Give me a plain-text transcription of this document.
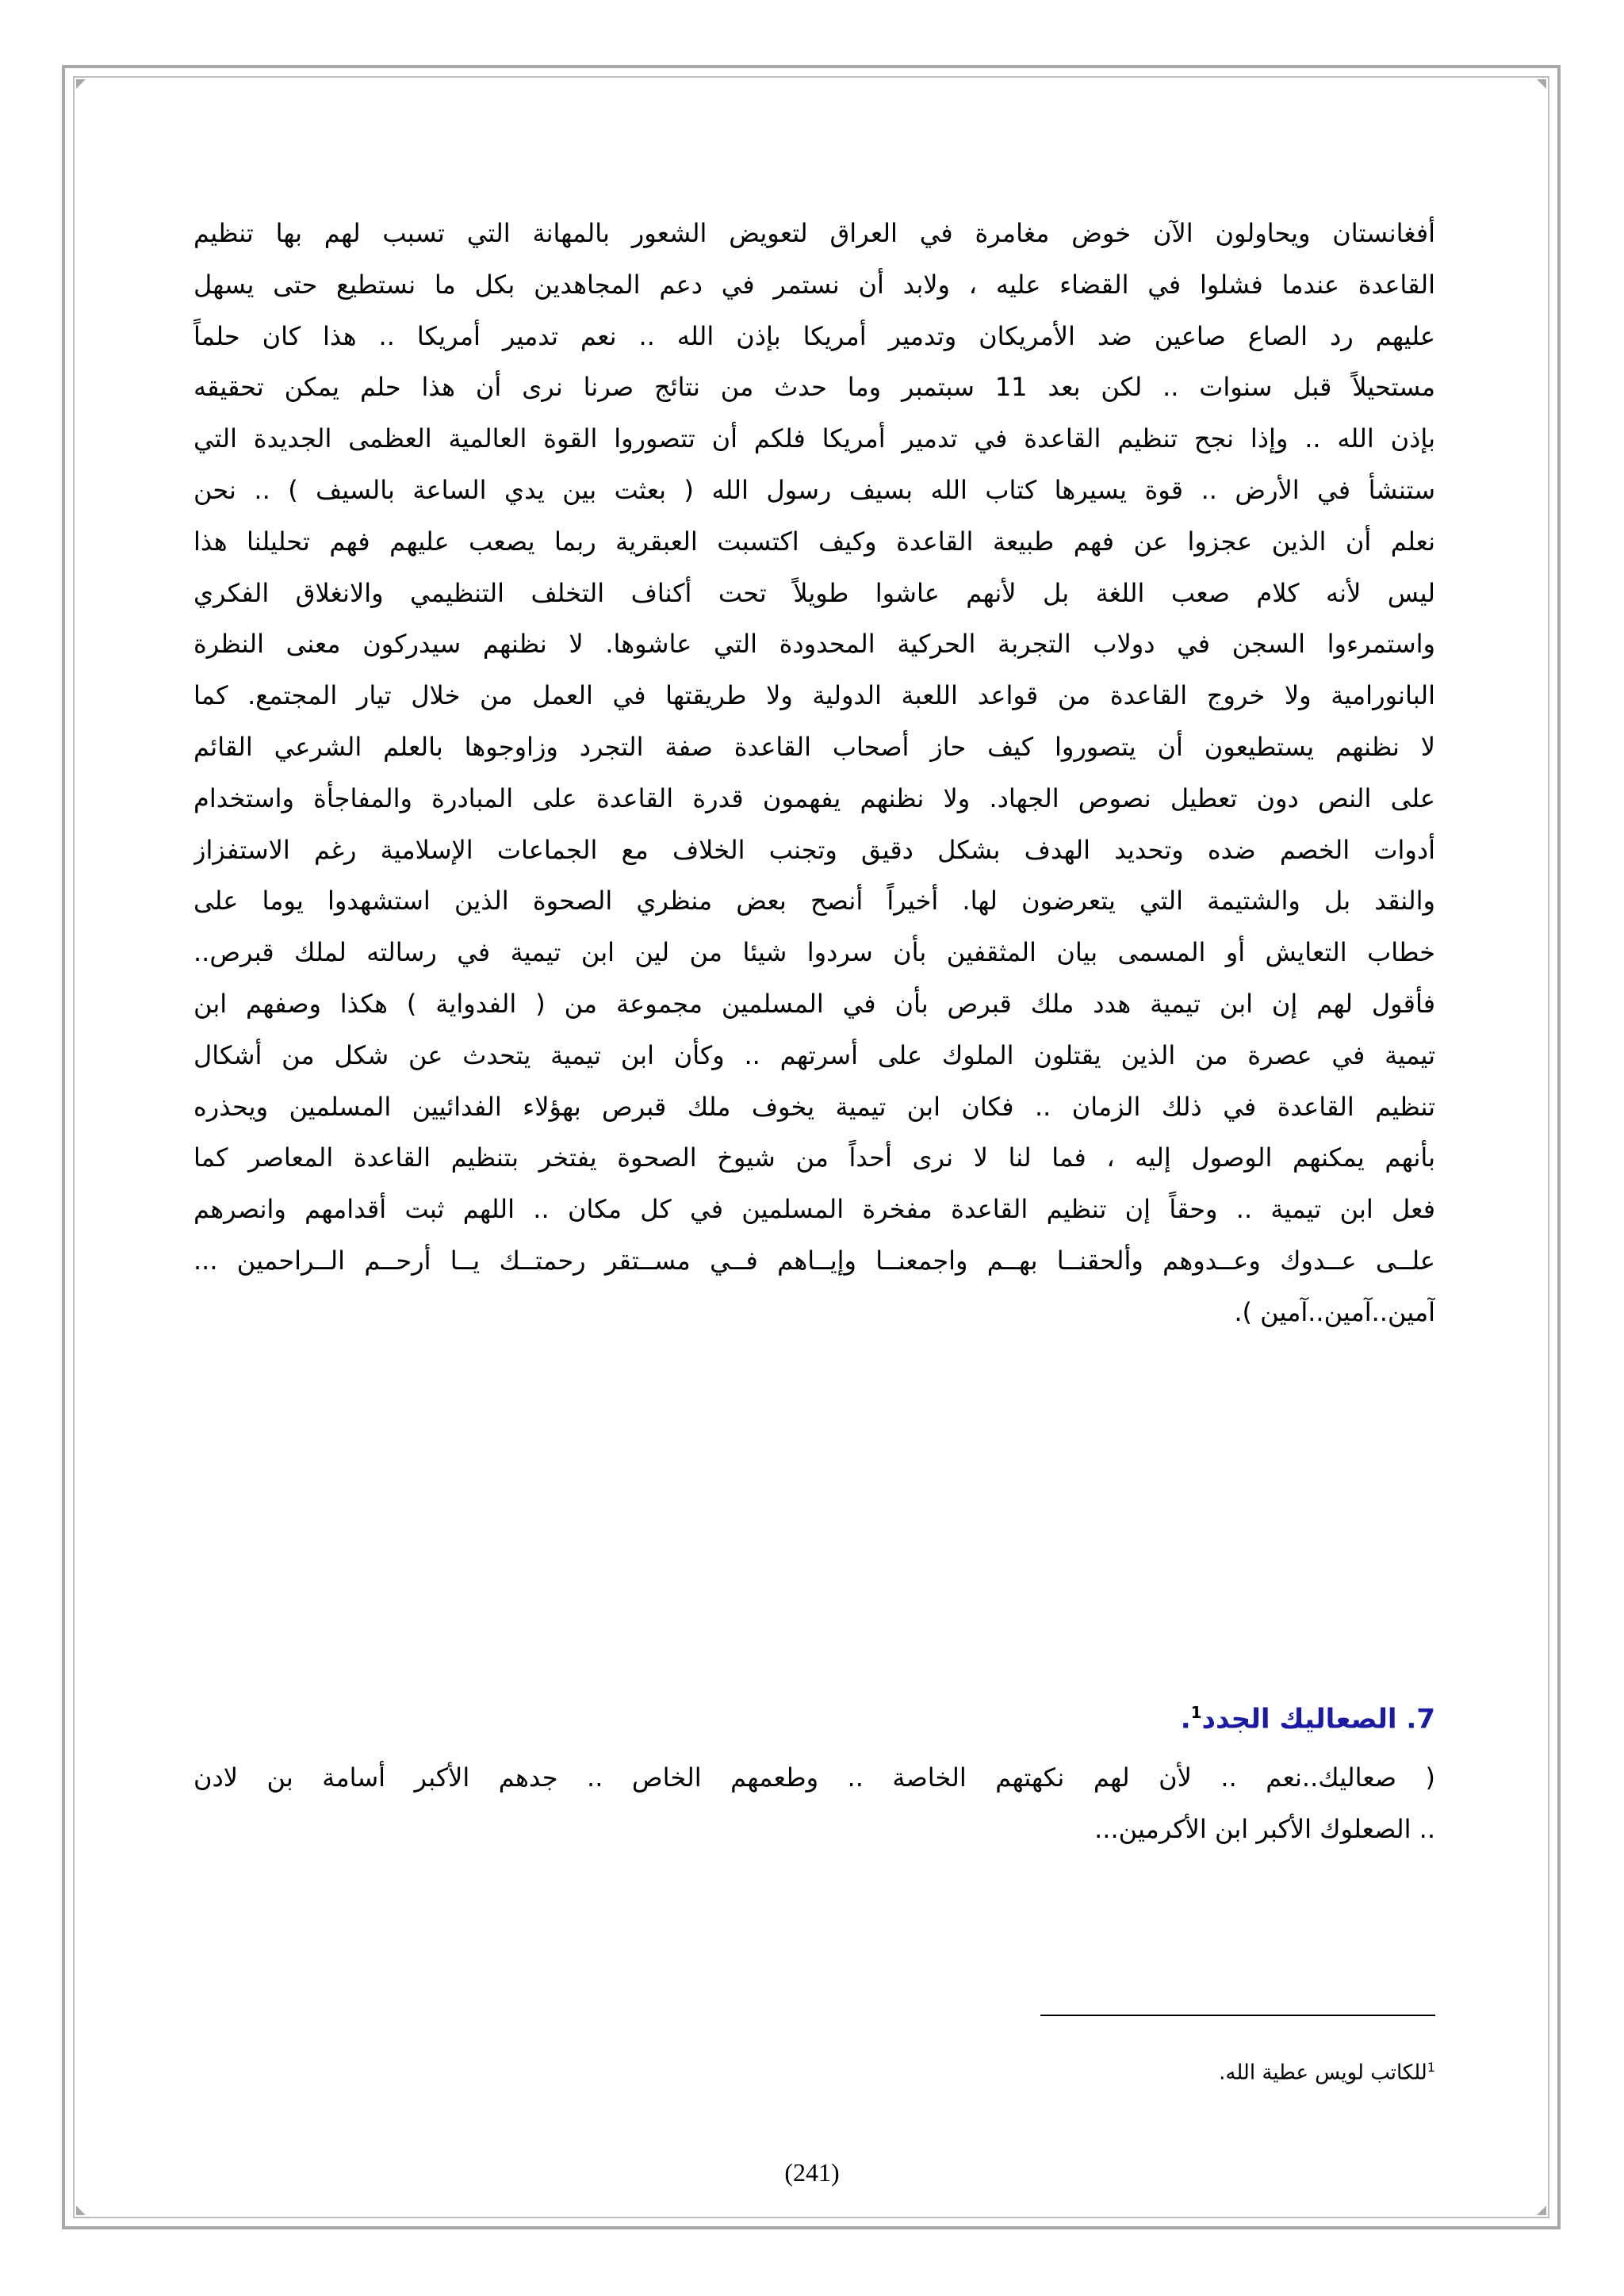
أفغانستان ويحاولون الآن خوض مغامرة في العراق لتعويض الشعور بالمهانة التي تسبب لهم بها تنظيم
القاعدة عندما فشلوا في القضاء عليه ، ولابد أن نستمر في دعم المجاهدين بكل ما نستطيع حتى يسهل
عليهم رد الصاع صاعين ضد الأمريكان وتدمير أمريكا بإذن الله .. نعم تدمير أمريكا .. هذا كان حلماً
مستحيلاً قبل سنوات .. لكن بعد 11 سبتمبر وما حدث من نتائج صرنا نرى أن هذا حلم يمكن تحقيقه
بإذن الله .. وإذا نجح تنظيم القاعدة في تدمير أمريكا فلكم أن تتصوروا القوة العالمية العظمى الجديدة التي
ستنشأ في الأرض .. قوة يسيرها كتاب الله بسيف رسول الله ( بعثت بين يدي الساعة بالسيف ) .. نحن
نعلم أن الذين عجزوا عن فهم طبيعة القاعدة وكيف اكتسبت العبقرية ربما يصعب عليهم فهم تحليلنا هذا
ليس لأنه كلام صعب اللغة بل لأنهم عاشوا طويلاً تحت أكناف التخلف التنظيمي والانغلاق الفكري
واستمرءوا السجن في دولاب التجربة الحركية المحدودة التي عاشوها. لا نظنهم سيدركون معنى النظرة
البانورامية ولا خروج القاعدة من قواعد اللعبة الدولية ولا طريقتها في العمل من خلال تيار المجتمع. كما
لا نظنهم يستطيعون أن يتصوروا كيف حاز أصحاب القاعدة صفة التجرد وزاوجوها بالعلم الشرعي القائم
على النص دون تعطيل نصوص الجهاد. ولا نظنهم يفهمون قدرة القاعدة على المبادرة والمفاجأة واستخدام
أدوات الخصم ضده وتحديد الهدف بشكل دقيق وتجنب الخلاف مع الجماعات الإسلامية رغم الاستفزاز
والنقد بل والشتيمة التي يتعرضون لها. أخيراً أنصح بعض منظري الصحوة الذين استشهدوا يوما على
خطاب التعايش أو المسمى بيان المثقفين بأن سردوا شيئا من لين ابن تيمية في رسالته لملك قبرص..
فأقول لهم إن ابن تيمية هدد ملك قبرص بأن في المسلمين مجموعة من ( الفدواية ) هكذا وصفهم ابن
تيمية في عصرة من الذين يقتلون الملوك على أسرتهم .. وكأن ابن تيمية يتحدث عن شكل من أشكال
تنظيم القاعدة في ذلك الزمان .. فكان ابن تيمية يخوف ملك قبرص بهؤلاء الفدائيين المسلمين ويحذره
بأنهم يمكنهم الوصول إليه ، فما لنا لا نرى أحداً من شيوخ الصحوة يفتخر بتنظيم القاعدة المعاصر كما
فعل ابن تيمية .. وحقاً إن تنظيم القاعدة مفخرة المسلمين في كل مكان .. اللهم ثبت أقدامهم وانصرهم
علــى عــدوك وعــدوهم وألحقنــا بهــم واجمعنــا وإيــاهم فــي مســتقر رحمتــك يــا أرحــم الــراحمين ...
آمين..آمين..آمين ).
7. الصعاليك الجدد$^1$.
( صعاليك..نعم .. لأن لهم نكهتهم الخاصة .. وطعمهم الخاص .. جدهم الأكبر أسامة بن لادن
.. الصعلوك الأكبر ابن الأكرمين...
$^1$للكاتب لويس عطية الله.
(241)
